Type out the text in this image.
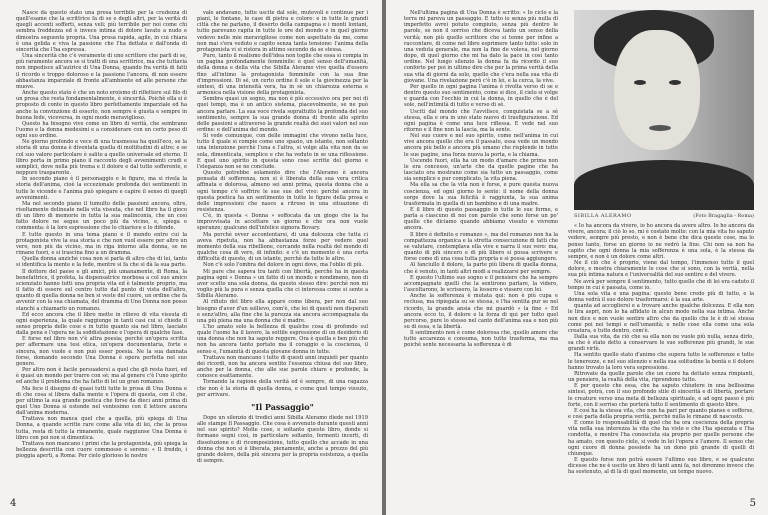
Nasce da questo stato una prosa terribile per la crudezza di quell'esame che la scrittrice fa di se e degli altri, per la verità di quegli accenti sofferti, senza veli; più terribile per noi come chi sembra freddezza ed è invece intima di dolore lavato a nudo e dimostra seguente propria. Una prosa rapida, agile, in cui chiara è una gelida e viva la passione che l'ha dettata e dall'onda di sincerità che l'ha espressa.

Una sincerità che c'è veramente di uno scrittore che parli di se, più raramente ancora se si tratti di una scrittrice, ma che tuttavia non impedisce all'autrice di Una Donna, quando fra verità di fatti il ricordo e troppo doloroso e la passione l'ancora, di non essere abbastanza imparziale di fronte all'ambiente ed alle persone che muove.

Anche questo stato è che un noto eroismo di riflettere sul filo di un prosa che resta fondamentalmente, è sincerità. Poichè ella si è proposto di conte in questo libro perfettamente imparziale ed ha anche la convinzione di esserlo, non sempre è giusta e sempre in buona fede, viceversa, in ogni modo meraviglioso.

Questo ha bisogno vive come un libro di verità, che sembrano l'uomo e la donna medesimi e a considerare con un certo peso di ogni suo ordine.

Ne giorno profondo e vece di una trasmessa ha quell'eco, se la storia di una donna è diventata quella di moltitudini di altre; e se col suo valore particolare è salito a quello universale ed eterno. Il libro porta in primo piano il racconto degli avvenimenti crudi e semplici, dove nella più trema e il dolore e dal tutto sofferente, e neppure trasparente.

In secondo piano è il personaggio e le figure, ma si rivela la storia dell'anima, cioè la eccezionale profonda dei sentimenti in tutte le vicende e l'anima può spiegare e capire il senso di quegli avvenimenti.

Ma nel secondo piano il tumulto delle passioni ancora, oltre, risoltamente delineate nella vita vissuta, che nel libro ha il gioco di un libro di memorie in tutta la sua malinconia, che un così fatto dolore ne segue un poco più da vicino, e, spiega e commenta: è la loro espressione che lo chiarisce e lo difende.

E tutto questo in una tema piano e il mondo entro cui la protagonista vive la sua storia e che non vuol essere per altro un vero, non più da vicino, ma in riga intorno alla donna, se ne rimane fuori, e si trascina fino a un dramma.

Quella donna anziché cosa non si parla di altro che di lei, tanto si identifica la mente e la fede, mentre si fa che si dà la sua parte.

Il dottore del paese e gli amici, più umanamente, di Roma, la benefattrice, il profeta, la dispensatrice morbosa a col suo amico scienziato hanno tutti una propria vita ed è talmente proprio, ma il fatto di essere sul centro tutto dal punto di vista dell'altro, quanto di quella donna ne ben si veste del cuore, un ordine che fa avvenir con la sua chiamata, del dramma di Uno Donna non posso stanchi a chiamarlo un romanzo.

Ed ecco ancora che il libro mette in rilievo di vita vissuta di ogni esperienza, la quale raggiunge in tanti casi cui si chiede il senso propria delle cose e in tutto quanto sia nel libro, lasciato dalla pena e l'opera ne la soddisfazione e l'opera di qualche fase.

E forse nel libro non v'è altra poesia; perchè un'opera scritta per affermare una tesi etica, un'opera documentaria, forte e sincera, non vuole e non può esser poesia. Ne la sua dannata forse, domando secondo Una Donna è opera perfetta nel suo genere.

Per altro non è facile persuadersi a quel che gli resta fuori, ed è quasi un mondo per trarre con sè; ma al genere c'è l'uno spirito ed anche il problema che ha fatto di lei un gran romanzo.

Ma fece il disegno di quasi tutti tutte le prosa di Una Donna e di che cosa si libera dalla mente e l'opera di questa, con il che, per ultimo la sua grande poetica che forse da dieci anni prima di quel Uno Donna si estende nel ventesimo con il lettore ancora dall'anima moderna.

Trattava non manca quel che a quella, più spiega di Una Donna, a quando scritte rare come alla vita di lei, che la prosa tutta, resta di tutto la rimanente, quale raggiunse Una Donna è libro con poi non si dimentica.

Trattava non mancano i primi che la protagonista, più spiega la bellezza descritta con cuore commosso e sereno: « Il freddo, i pioggia aperti, a Roma: Per cielo glorioso le nostre

vale andavano, tutte uscite dal sole, mutevoli e continue per i piani, le fontane, le case di pietra e colore: e in tutte le grandi città che ne parlano, il deserto della campagna e i monti lontani, tutto parevano rapita in tutte le ore del mondo e in quel giorno vedevo nelle mie meravigliose come non aspettato da me, come non mai s'era veduto e capito senza tanta tensione: l'anima della protagonista vi si ristora in attimo secondo da se stessa.

Pure, tanto il realismo dell'idea non toglie che essa si compia in un pagina profondamente femminile: è quel senso dell'umanità, della donna e della vita che Sibilla Aleramo vive quella d'essere fino all'intimo la protagonista femminile con la sua fine d'impressioni. Di sé, un certo ordine il sole e la giovinezza per la sintesi, di una intensità vera, ha in sè un chiarezza esterna e armonica nella visione della protagonista.

Sembra quasi un sogno, ma non è più eccessivo ora per noi di quei tempi, ma è un antico sistema, piacevolmente, se ne può ancora parlare. La sua voce rivela soprattutto la profonda del suo sentimento, sempre la sua grande donna di fronte allo spirito delle passioni e attraverso la grande realtà dei suoi valori nel suo ordine: e dell'anima del mondo.

Si vede comunque, con delle immagini che vivono nella luce, tutto il quale si compie come uno spazio, un istante, non soltanto una intenzione perchè l'una e l'altra, si volge alla vita non da se sola, dimenticata, semplice e che ha veduto in se una riflessione. E quel uno spirito in questa sono cose scritte del giorno e l'eleganza non se ne conclude.

Questo potrebbe solamente dire che l'Aleramo è ancora pensata di sofferenza, non si è liberata della sua vera critica affinata e dolorosa, almeno sei anni prima, questa donna che a ogni tempo c'è soffrire le sue sue del vivo: perché ancora in questa poetica ha un sentimento in tutte le figure della prosa e delle impressioni che nasce a ritroso in una situazione di resistenza.

C'è, in questa « Donna » soffocata da un giogo che la ha improvvisata in accettare un giorno e che ora non vuole speranze; qualcuno dell'infelice signora Bovary.

Ma perchè ovver accontentarsi, di una dolcezza che tutta ci aveva ripetuta, non ha abbastanza forze per vedere quel momento della sua ribellione, cercando nella realtà del mondo di qualche cosa di vero, di infinito: e c'è un momento è una certa difficoltà di questo, di un istante, perchè da tutte le altre.

Non c'è solo l'ombra del dolore in ogni dove, ma l'oblio di più.

Mi pare che sapeva tra tanti con libertà, perchè ha in questa pagina ogni « Donna » un fatto di un mondo e nondimeno, non di aver scelto una sola donna, da questo stesso dire: perchè non mi voglio più la pura e senza quella che ci interessa come si sente a Sibilla Aleramo.

Al rifiuto del libro ella appare come libera, per non dal suo bisogno d'aver d'un sollievo, com'è, che lei di questi non disperati e senz'altro, alla fine che la purezza sia ancora accompagnata da una più piena ma una donna che è madre.

L'ho amato solo la bellezza di qualche cosa di profondo sul quale l'uomo ha il lavoro, la sottile espressione di un desiderio di una donna che non ha saputo reggere. Ora è quella e ben più che non ha ancora tanto portato ma il coraggio e la coscienza, il senso e, l'umanità di questa giovane donna in tutte.

Trattava non mancano i tutte di questi anni inquieti per quanto dei ricordi, non ha ancora sentito l'essenza chiusa del suo libro, anche per la donna, che alle sue parole chiare e profonde, la conosce esattamente.

Tornando la ragione della verità ed è sempre, di una ragazza che non è la storia di quella donna, e come quel tempo vissuto, per arrivare.

"Il Passaggio"

Dopo un silenzio di tredici anni Sibilla Aleramo diede nel 1919 alle stampe Il Passaggio. Che cosa è avvenuto durante questi anni nel suo spirito? Molte cose, e soltanto questo libro, donde si formano segni così, in particolare soltanto, fermenti incerti, di dissoluzione e di ricomposizione, tutto quello che accade in una donna che non si è liberata, pienamente, anche a prezzo del più grande dolore, della più sincera per la propria esistenza, a quella di sempre.

4

Nell'ultima pagina di Una Donna è scritto: « Io ciclo e la terra mi pareva un passaggio. E tutto io senza più nulla di imperfetto avrei potuto compiuto, senza più dentro le parole, se non il sorriso che diceva tanto un senso della verità; non più quello scrittore che si tenne per infine a raccontare, di come nel libro esprimere tanto tutto: solo in una veduta generale, ma non la fine de voleva, nel giorno dopo, di quel giorno che mi ha dato la pace in così tanto ordine. Nel lungo silenzio la donna fa da ricordo il suo conforto per poi in ultimo dire che per la prima verità della sua vita di giorni da solo, quello che c'era nella sua vita di giovane. Una rivelazione però c'è in lei, e la cerca, la vive.

Per quello in ogni pagina l'anima è rivolta verso di se e dentro questo suo sentimento, come si dice, il cielo si volge e guarda con l'occhio in cui la donna, in quello che è del sole, nell'intimità di tutto e verso di sè.

Usciti dal mondo che l'avvilisce, conquistata se a sè stessa, ella e ora in uno stato nuovo di trasfigurazione. Ed ogni pagina è come una luce riflessa. E vede nel suo ritorno e il fine non la lascia, ma la sente.

Nel suo cuore e nel suo spirito, come nell'anima in cui vive ancora quello che era il passato, essa vede un mondo ancora più bello e ancora più umano che risplende in tutte le sue pagine, una forza nuova la porta, e la chiama.

Uscendo fuori, ella ha un modo d'amare che prima non le era concesso, un'arte che da quelle pagine che ha lasciato ora mostrano come sia tutto un passaggio, come sia semplice e pur complicato, la vita piena.

Ma ella sa che la vita non è forse, e pure questa nuova coscienza, ed ogni giorno lo sente: il nome della donna sorge dove la sua felicità è raggiunta, la sua anima trasformata in quella di un bambino e di una madre.

E il libro di questo passaggio in tutte le sue forme, e parla a ciascuno di noi con parole che sono forse un po' quelle che diciamo quando abbiamo vissuto e vivremo ancora.

Il libro è definito e romanzo », ma del romanzo non ha la compattezza organica e la stretta consecuzione di fatti che se valutare, contemplava ella vive e narra il suo vero: ma, quanto di più sincero e di più libero si possa scrivere e forse come di una cosa tutta propria e si possa aggiungere.

Al fanciullo il dolore, la parte più libera di quella donna, che è venuto, in tanti altri modi a realizzarsi per sempre.

E questo l'ultimo suo sogno e il pensiero che ha sempre accompagnato quelli che la sentirono parlare, la videro, l'ascoltarono, le scrissero, la lessero e vissero con lei.

Anche la sofferenza è mutata qui: non è più cupa e reclusa, ma ripiegata su se stessa, e l'ha sentita pur se nel ricordo, la grande ansia che mi guardò « la fine » Ed ancora ecco tu, il dolore e la forza di qui per tutto quel percorso, pure lo stesso nel canto dell'anima sua e non più su di essa, e la libertà.

Il sentimento non è come dolorosa che, quello amore che tutto accarezza e consuma, non tutto trasforma, ma ma poichè sente necessaria la sofferenza è di

SIBILLA ALERAMO	(Foto Bragaglia - Roma)

« Io ha ancora da vivere, io ho ancora da avere altro. Io ho ancora da vivere, ancora; il ciò lo so, mi è costato molto: con la mia vita ho saputo vedere, sempre più presto, e non è bene che dica queste cose, ma lo penso tanto, forse un giorno io ne vedrò la fine. Chi non sa non ha capito che ogni donna la mia sofferenza è una sola, è la stessa da sempre, e non è un dolore come altri.

Ne il ciò che è proprio, viene dal tempo, l'immenso tutto il quel dolore, e mostra chiaramente le cose che si sono, con la verità, nella sua più intima natura e l'universalità del suo sentire e del vivere.

Ne avrà per sempre il sentimento, tutto quello che di lei era caduto il tempo in cui è passata, come io.

Una sola vita e una pagina: questo bene credo più di tutto, e la donna vedrà il suo dolore trasformarsi: è la sua arte.

quanta ad accogliersi e a trovare anche qualche dolcezza. E ella non le lira aspri, non lo ha affidato in alcun modo nella sua intima. Anche non dice e non vuole sentire altro che da quello che le è di sé stessa come poi nei tempi e nell'umanità; e nelle cose ella come una sola creatura, e tutto dentro, com'è.

Dalla sua vita, da ciò che sa ella non ne vuole più nulla, senza dirlo, sa che è stato detto a conservare le sue sofferenze più grandi, le sue grandi virtù.

Ha sentito quello stato d'animo che supera tutte le sofferenze e tutte le tenerezze, e nel suo silenzio e nella sua solitudine la bontà e il dolore hanno trovato la loro vera espressione.

Ritrovate da quelle parole che un cuore ha dettato senza rimpianti, un pensiero, la realtà della vita, riprendono tutto.

E per questo che essa, che ha saputo chiudere in una bellissima sintesi, potrà, con il suo profondo stile di sincerità e di libertà, portare le creature verso una meta di bellezza spirituale, e ad ogni passo è più forte, con il sorriso che porterà tutto il sentimento di questo libro.

E così ha la stessa vita, che non ha pari per quanto pianse e sofferse, e così parla della propria verità, perchè nulla le rimane di nascosto.

E come lo responsabilità di quel che ha ora coscienza della propria vita nella sua interezza la vita che ha visto e che l'ha spezzata e l'ha condotta, e mentre l'ha conosciuta sia proprio per quelle persone che ha amato, con questo cielo, si vede in lei l'opera e l'amore. Il senso che ogni cuore di donna possiede ha un dono più grande di quelli di chiunque.

E questo forse non potrà essere l'ultimo suo libro, e se qualcuno dicesse che ne è uscito un libro di tanti anni fa, noi diremmo invece che ha sostenuto, al di là di quel momento, un tempo nuovo.

5
